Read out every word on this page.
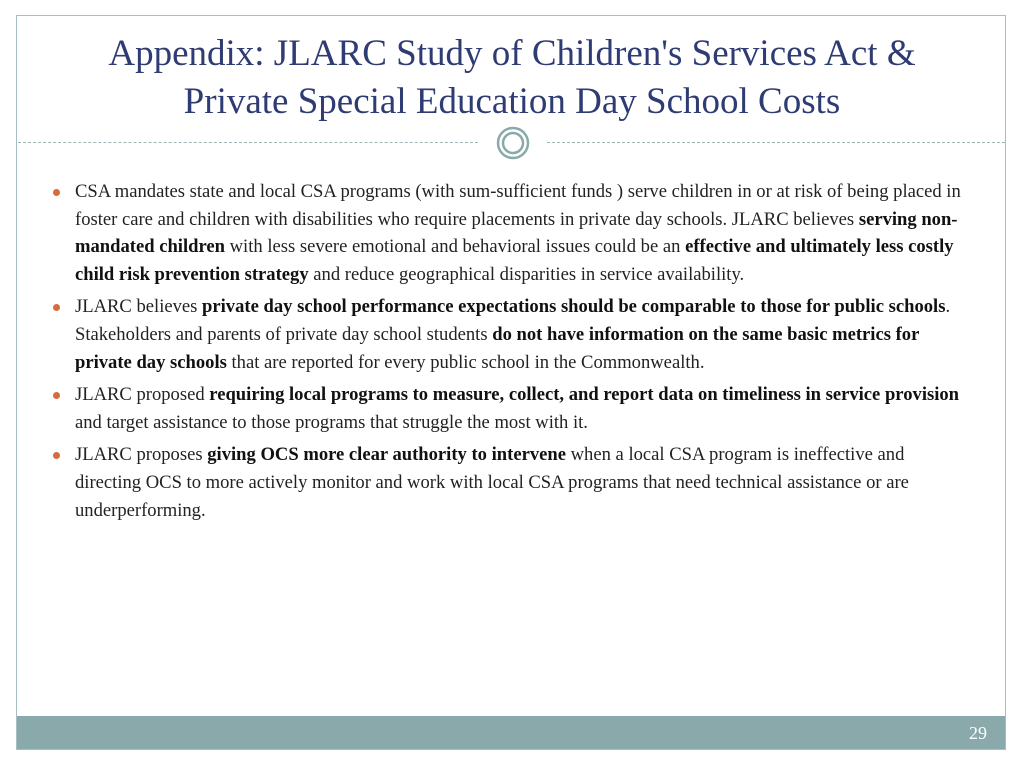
Appendix: JLARC Study of Children's Services Act &
Private Special Education Day School Costs
CSA mandates state and local CSA programs (with sum-sufficient funds ) serve children in or at risk of being placed in foster care and children with disabilities who require placements in private day schools. JLARC believes serving non-mandated children with less severe emotional and behavioral issues could be an effective and ultimately less costly child risk prevention strategy and reduce geographical disparities in service availability.
JLARC believes private day school performance expectations should be comparable to those for public schools. Stakeholders and parents of private day school students do not have information on the same basic metrics for private day schools that are reported for every public school in the Commonwealth.
JLARC proposed requiring local programs to measure, collect, and report data on timeliness in service provision and target assistance to those programs that struggle the most with it.
JLARC proposes giving OCS more clear authority to intervene when a local CSA program is ineffective and directing OCS to more actively monitor and work with local CSA programs that need technical assistance or are underperforming.
29
